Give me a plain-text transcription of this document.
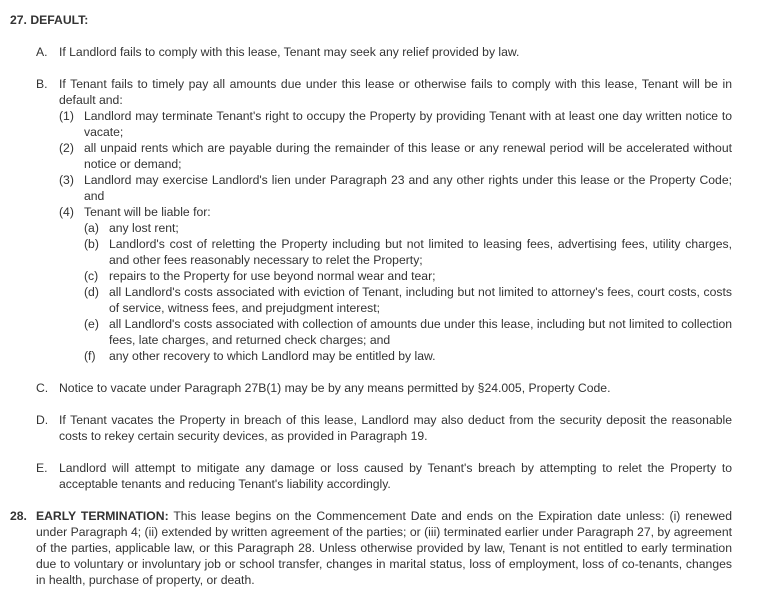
27. DEFAULT:
A. If Landlord fails to comply with this lease, Tenant may seek any relief provided by law.
B. If Tenant fails to timely pay all amounts due under this lease or otherwise fails to comply with this lease, Tenant will be in default and:
(1) Landlord may terminate Tenant's right to occupy the Property by providing Tenant with at least one day written notice to vacate;
(2) all unpaid rents which are payable during the remainder of this lease or any renewal period will be accelerated without notice or demand;
(3) Landlord may exercise Landlord's lien under Paragraph 23 and any other rights under this lease or the Property Code; and
(4) Tenant will be liable for:
(a) any lost rent;
(b) Landlord's cost of reletting the Property including but not limited to leasing fees, advertising fees, utility charges, and other fees reasonably necessary to relet the Property;
(c) repairs to the Property for use beyond normal wear and tear;
(d) all Landlord's costs associated with eviction of Tenant, including but not limited to attorney's fees, court costs, costs of service, witness fees, and prejudgment interest;
(e) all Landlord's costs associated with collection of amounts due under this lease, including but not limited to collection fees, late charges, and returned check charges; and
(f)	any other recovery to which Landlord may be entitled by law.
C. Notice to vacate under Paragraph 27B(1) may be by any means permitted by §24.005, Property Code.
D. If Tenant vacates the Property in breach of this lease, Landlord may also deduct from the security deposit the reasonable costs to rekey certain security devices, as provided in Paragraph 19.
E. Landlord will attempt to mitigate any damage or loss caused by Tenant's breach by attempting to relet the Property to acceptable tenants and reducing Tenant's liability accordingly.
28. EARLY TERMINATION: This lease begins on the Commencement Date and ends on the Expiration date unless: (i) renewed under Paragraph 4; (ii) extended by written agreement of the parties; or (iii) terminated earlier under Paragraph 27, by agreement of the parties, applicable law, or this Paragraph 28. Unless otherwise provided by law, Tenant is not entitled to early termination due to voluntary or involuntary job or school transfer, changes in marital status, loss of employment, loss of co-tenants, changes in health, purchase of property, or death.
